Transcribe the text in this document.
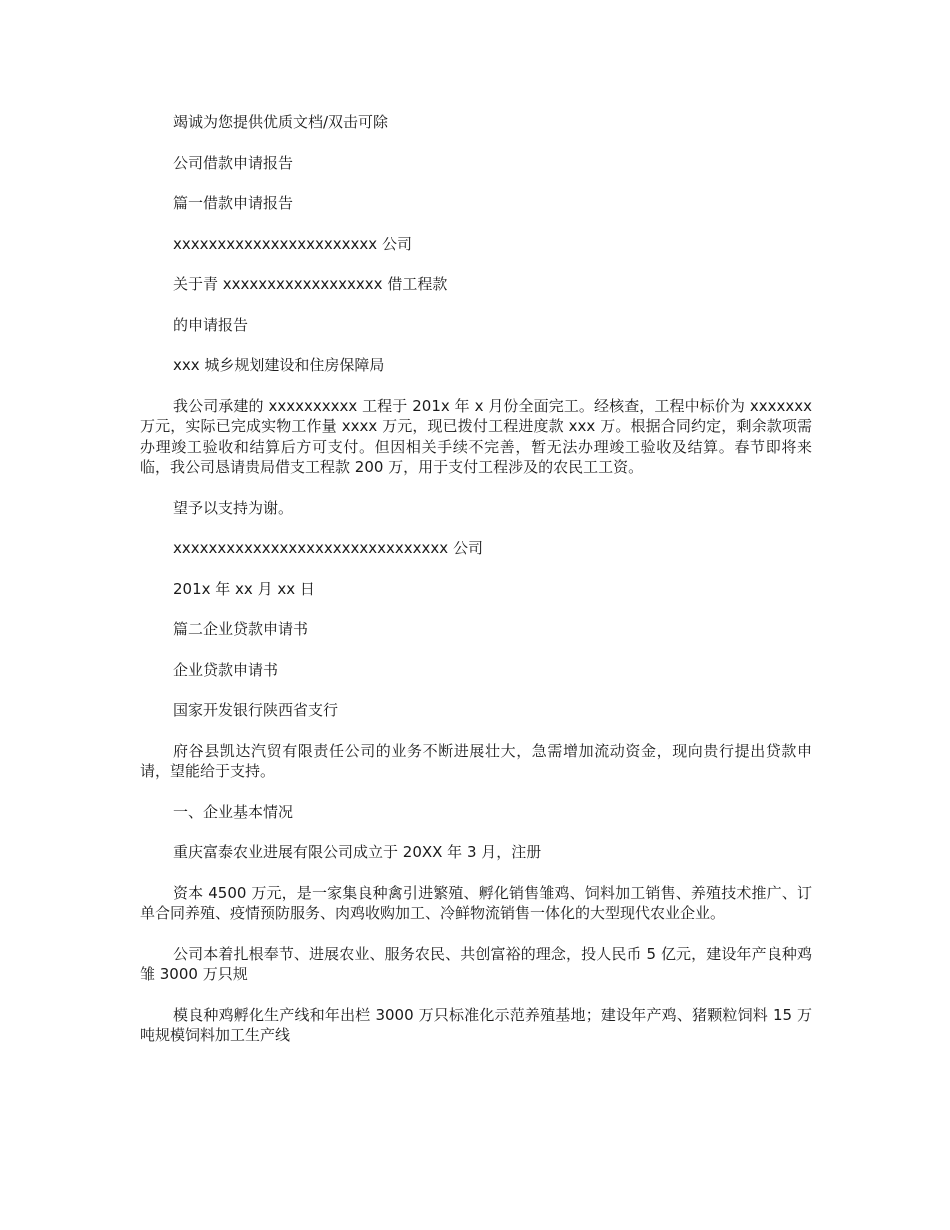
竭诚为您提供优质文档/双击可除

公司借款申请报告

篇一借款申请报告

xxxxxxxxxxxxxxxxxxxxxxx 公司

关于青 xxxxxxxxxxxxxxxxxx 借工程款

的申请报告

xxx 城乡规划建设和住房保障局

我公司承建的 xxxxxxxxxx 工程于 201x 年 x 月份全面完工。经核查，工程中标价为 xxxxxxx 万元，实际已完成实物工作量 xxxx 万元，现已拨付工程进度款 xxx 万。根据合同约定，剩余款项需办理竣工验收和结算后方可支付。但因相关手续不完善，暂无法办理竣工验收及结算。春节即将来临，我公司恳请贵局借支工程款 200 万，用于支付工程涉及的农民工工资。

望予以支持为谢。

xxxxxxxxxxxxxxxxxxxxxxxxxxxxxxx 公司

201x 年 xx 月 xx 日

篇二企业贷款申请书

企业贷款申请书

国家开发银行陕西省支行

府谷县凯达汽贸有限责任公司的业务不断进展壮大，急需增加流动资金，现向贵行提出贷款申请，望能给于支持。

一、企业基本情况

重庆富泰农业进展有限公司成立于 20XX 年 3 月，注册

资本 4500 万元，是一家集良种禽引进繁殖、孵化销售雏鸡、饲料加工销售、养殖技术推广、订单合同养殖、疫情预防服务、肉鸡收购加工、冷鲜物流销售一体化的大型现代农业企业。

公司本着扎根奉节、进展农业、服务农民、共创富裕的理念，投人民币 5 亿元，建设年产良种鸡雏 3000 万只规

模良种鸡孵化生产线和年出栏 3000 万只标准化示范养殖基地；建设年产鸡、猪颗粒饲料 15 万吨规模饲料加工生产线
